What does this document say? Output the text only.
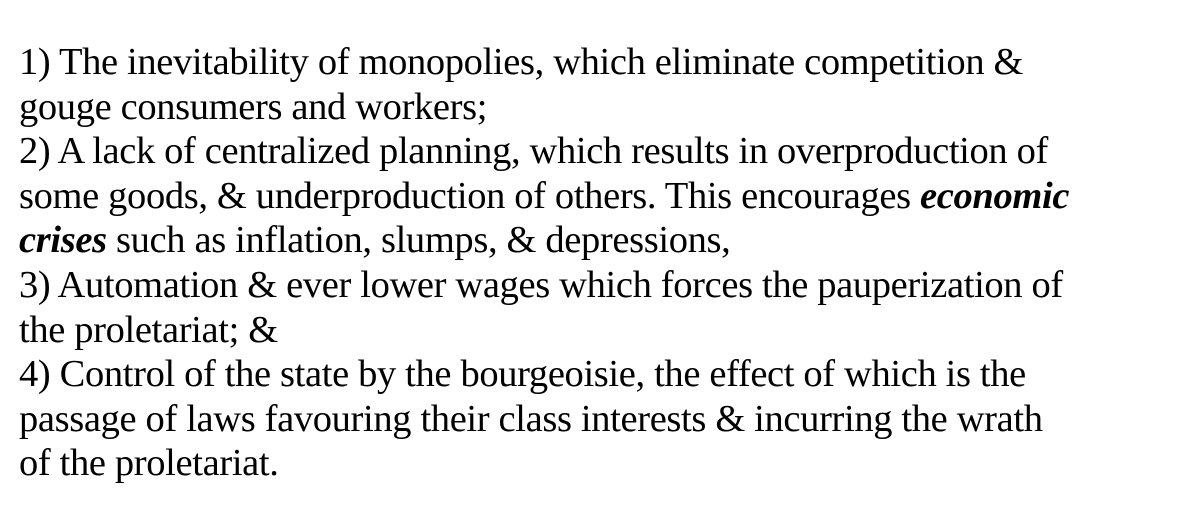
1) The inevitability of monopolies, which eliminate competition &
gouge consumers and workers;
2) A lack of centralized planning, which results in overproduction of
some goods, & underproduction of others. This encourages economic
crises such as inflation, slumps, & depressions,
3) Automation & ever lower wages which forces the pauperization of
the proletariat; &
4) Control of the state by the bourgeoisie, the effect of which is the
passage of laws favouring their class interests & incurring the wrath
of the proletariat.
